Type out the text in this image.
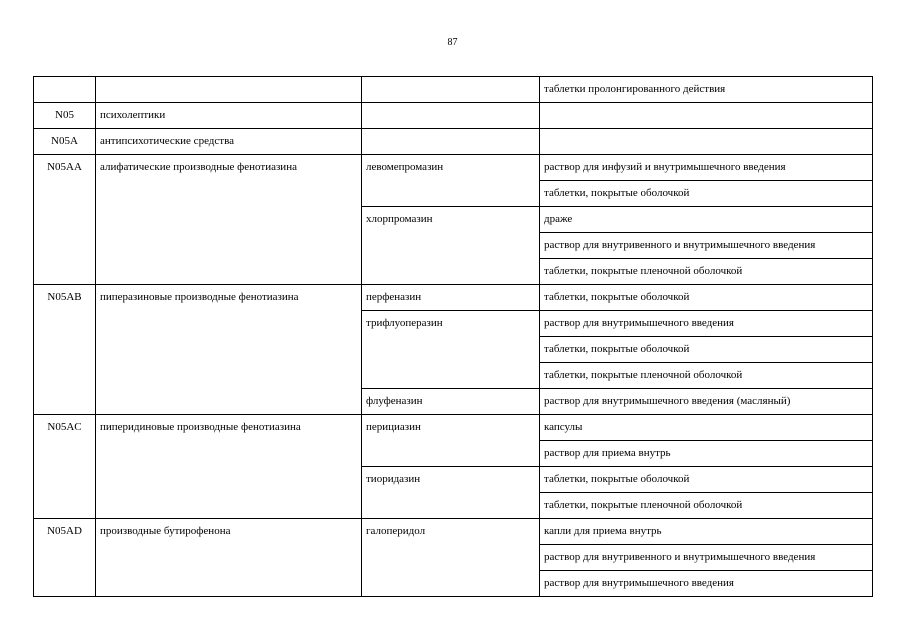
87
			таблетки пролонгированного действия
N05	психолептики		
N05A	антипсихотические средства		
N05AA	алифатические производные фенотиазина	левомепромазин	раствор для инфузий и внутримышечного введения
			таблетки, покрытые оболочкой
		хлорпромазин	драже
			раствор для внутривенного и внутримышечного введения
			таблетки, покрытые пленочной оболочкой
N05AB	пиперазиновые производные фенотиазина	перфеназин	таблетки, покрытые оболочкой
		трифлуоперазин	раствор для внутримышечного введения
			таблетки, покрытые оболочкой
			таблетки, покрытые пленочной оболочкой
		флуфеназин	раствор для внутримышечного введения (масляный)
N05AC	пиперидиновые производные фенотиазина	перициазин	капсулы
			раствор для приема внутрь
		тиоридазин	таблетки, покрытые оболочкой
			таблетки, покрытые пленочной оболочкой
N05AD	производные бутирофенона	галоперидол	капли для приема внутрь
			раствор для внутривенного и внутримышечного введения
			раствор для внутримышечного введения
